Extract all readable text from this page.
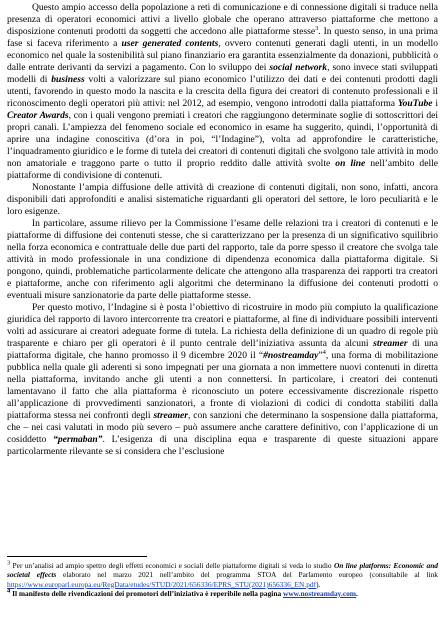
Questo ampio accesso della popolazione a reti di comunicazione e di connessione digitali si traduce nella presenza di operatori economici attivi a livello globale che operano attraverso piattaforme che mettono a disposizione contenuti prodotti da soggetti che accedono alle piattaforme stesse$^3$. In questo senso, in una prima fase si faceva riferimento a user generated contents, ovvero contenuti generati dagli utenti, in un modello economico nel quale la sostenibilità sul piano finanziario era garantita essenzialmente da donazioni, pubblicità o dalle entrate derivanti da servizi a pagamento. Con lo sviluppo dei social network, sono invece stati sviluppati modelli di business volti a valorizzare sul piano economico l’utilizzo dei dati e dei contenuti prodotti dagli utenti, favorendo in questo modo la nascita e la crescita della figura dei creatori di contenuto professionali e il riconoscimento degli operatori più attivi: nel 2012, ad esempio, vengono introdotti dalla piattaforma YouTube i Creator Awards, con i quali vengono premiati i creatori che raggiungono determinate soglie di sottoscrittori dei propri canali. L’ampiezza del fenomeno sociale ed economico in esame ha suggerito, quindi, l’opportunità di aprire una indagine conoscitiva (d’ora in poi, “l’Indagine”), volta ad approfondire le caratteristiche, l’inquadramento giuridico e le forme di tutela dei creatori di contenuti digitali che svolgono tale attività in modo non amatoriale e traggono parte o tutto il proprio reddito dalle attività svolte on line nell’ambito delle piattaforme di condivisione di contenuti.

Nonostante l’ampia diffusione delle attività di creazione di contenuti digitali, non sono, infatti, ancora disponibili dati approfonditi e analisi sistematiche riguardanti gli operatori del settore, le loro peculiarità e le loro esigenze.

In particolare, assume rilievo per la Commissione l’esame delle relazioni tra i creatori di contenuti e le piattaforme di diffusione dei contenuti stesse, che si caratterizzano per la presenza di un significativo squilibrio nella forza economica e contrattuale delle due parti del rapporto, tale da porre spesso il creatore che svolga tale attività in modo professionale in una condizione di dipendenza economica dalla piattaforma digitale. Si pongono, quindi, problematiche particolarmente delicate che attengono alla trasparenza dei rapporti tra creatori e piattaforme, anche con riferimento agli algoritmi che determinano la diffusione dei contenuti prodotti o eventuali misure sanzionatorie da parte delle piattaforme stesse.

Per questo motivo, l’Indagine si è posta l’obiettivo di ricostruire in modo più compiuto la qualificazione giuridica del rapporto di lavoro intercorrente tra creatori e piattaforme, al fine di individuare possibili interventi volti ad assicurare ai creatori adeguate forme di tutela. La richiesta della definizione di un quadro di regole più trasparente e chiaro per gli operatori è il punto centrale dell’iniziativa assunta da alcuni streamer di una piattaforma digitale, che hanno promosso il 9 dicembre 2020 il “#nostreamday”$^4$, una forma di mobilitazione pubblica nella quale gli aderenti si sono impegnati per una giornata a non immettere nuovi contenuti in diretta nella piattaforma, invitando anche gli utenti a non connettersi. In particolare, i creatori dei contenuti lamentavano il fatto che alla piattaforma è riconosciuto un potere eccessivamente discrezionale rispetto all’applicazione di provvedimenti sanzionatori, a fronte di violazioni di codici di condotta stabiliti dalla piattaforma stessa nei confronti degli streamer, con sanzioni che determinano la sospensione dalla piattaforma, che – nei casi valutati in modo più severo – può assumere anche carattere definitivo, con l’applicazione di un cosiddetto “permaban”. L’esigenza di una disciplina equa e trasparente di queste situazioni appare particolarmente rilevante se si considera che l’esclusione

3 Per un’analisi ad ampio spettro degli effetti economici e sociali delle piattaforme digitali si veda lo studio On line platforms: Economic and societal effects elaborato nel marzo 2021 nell’ambito del programma STOA del Parlamento europeo (consultabile al link https://www.europarl.europa.eu/RegData/etudes/STUD/2021/656336/EPRS_STU(2021)656336_EN.pdf).

4 Il manifesto delle rivendicazioni dei promotori dell’iniziativa è reperibile nella pagina www.nostreamday.com.
